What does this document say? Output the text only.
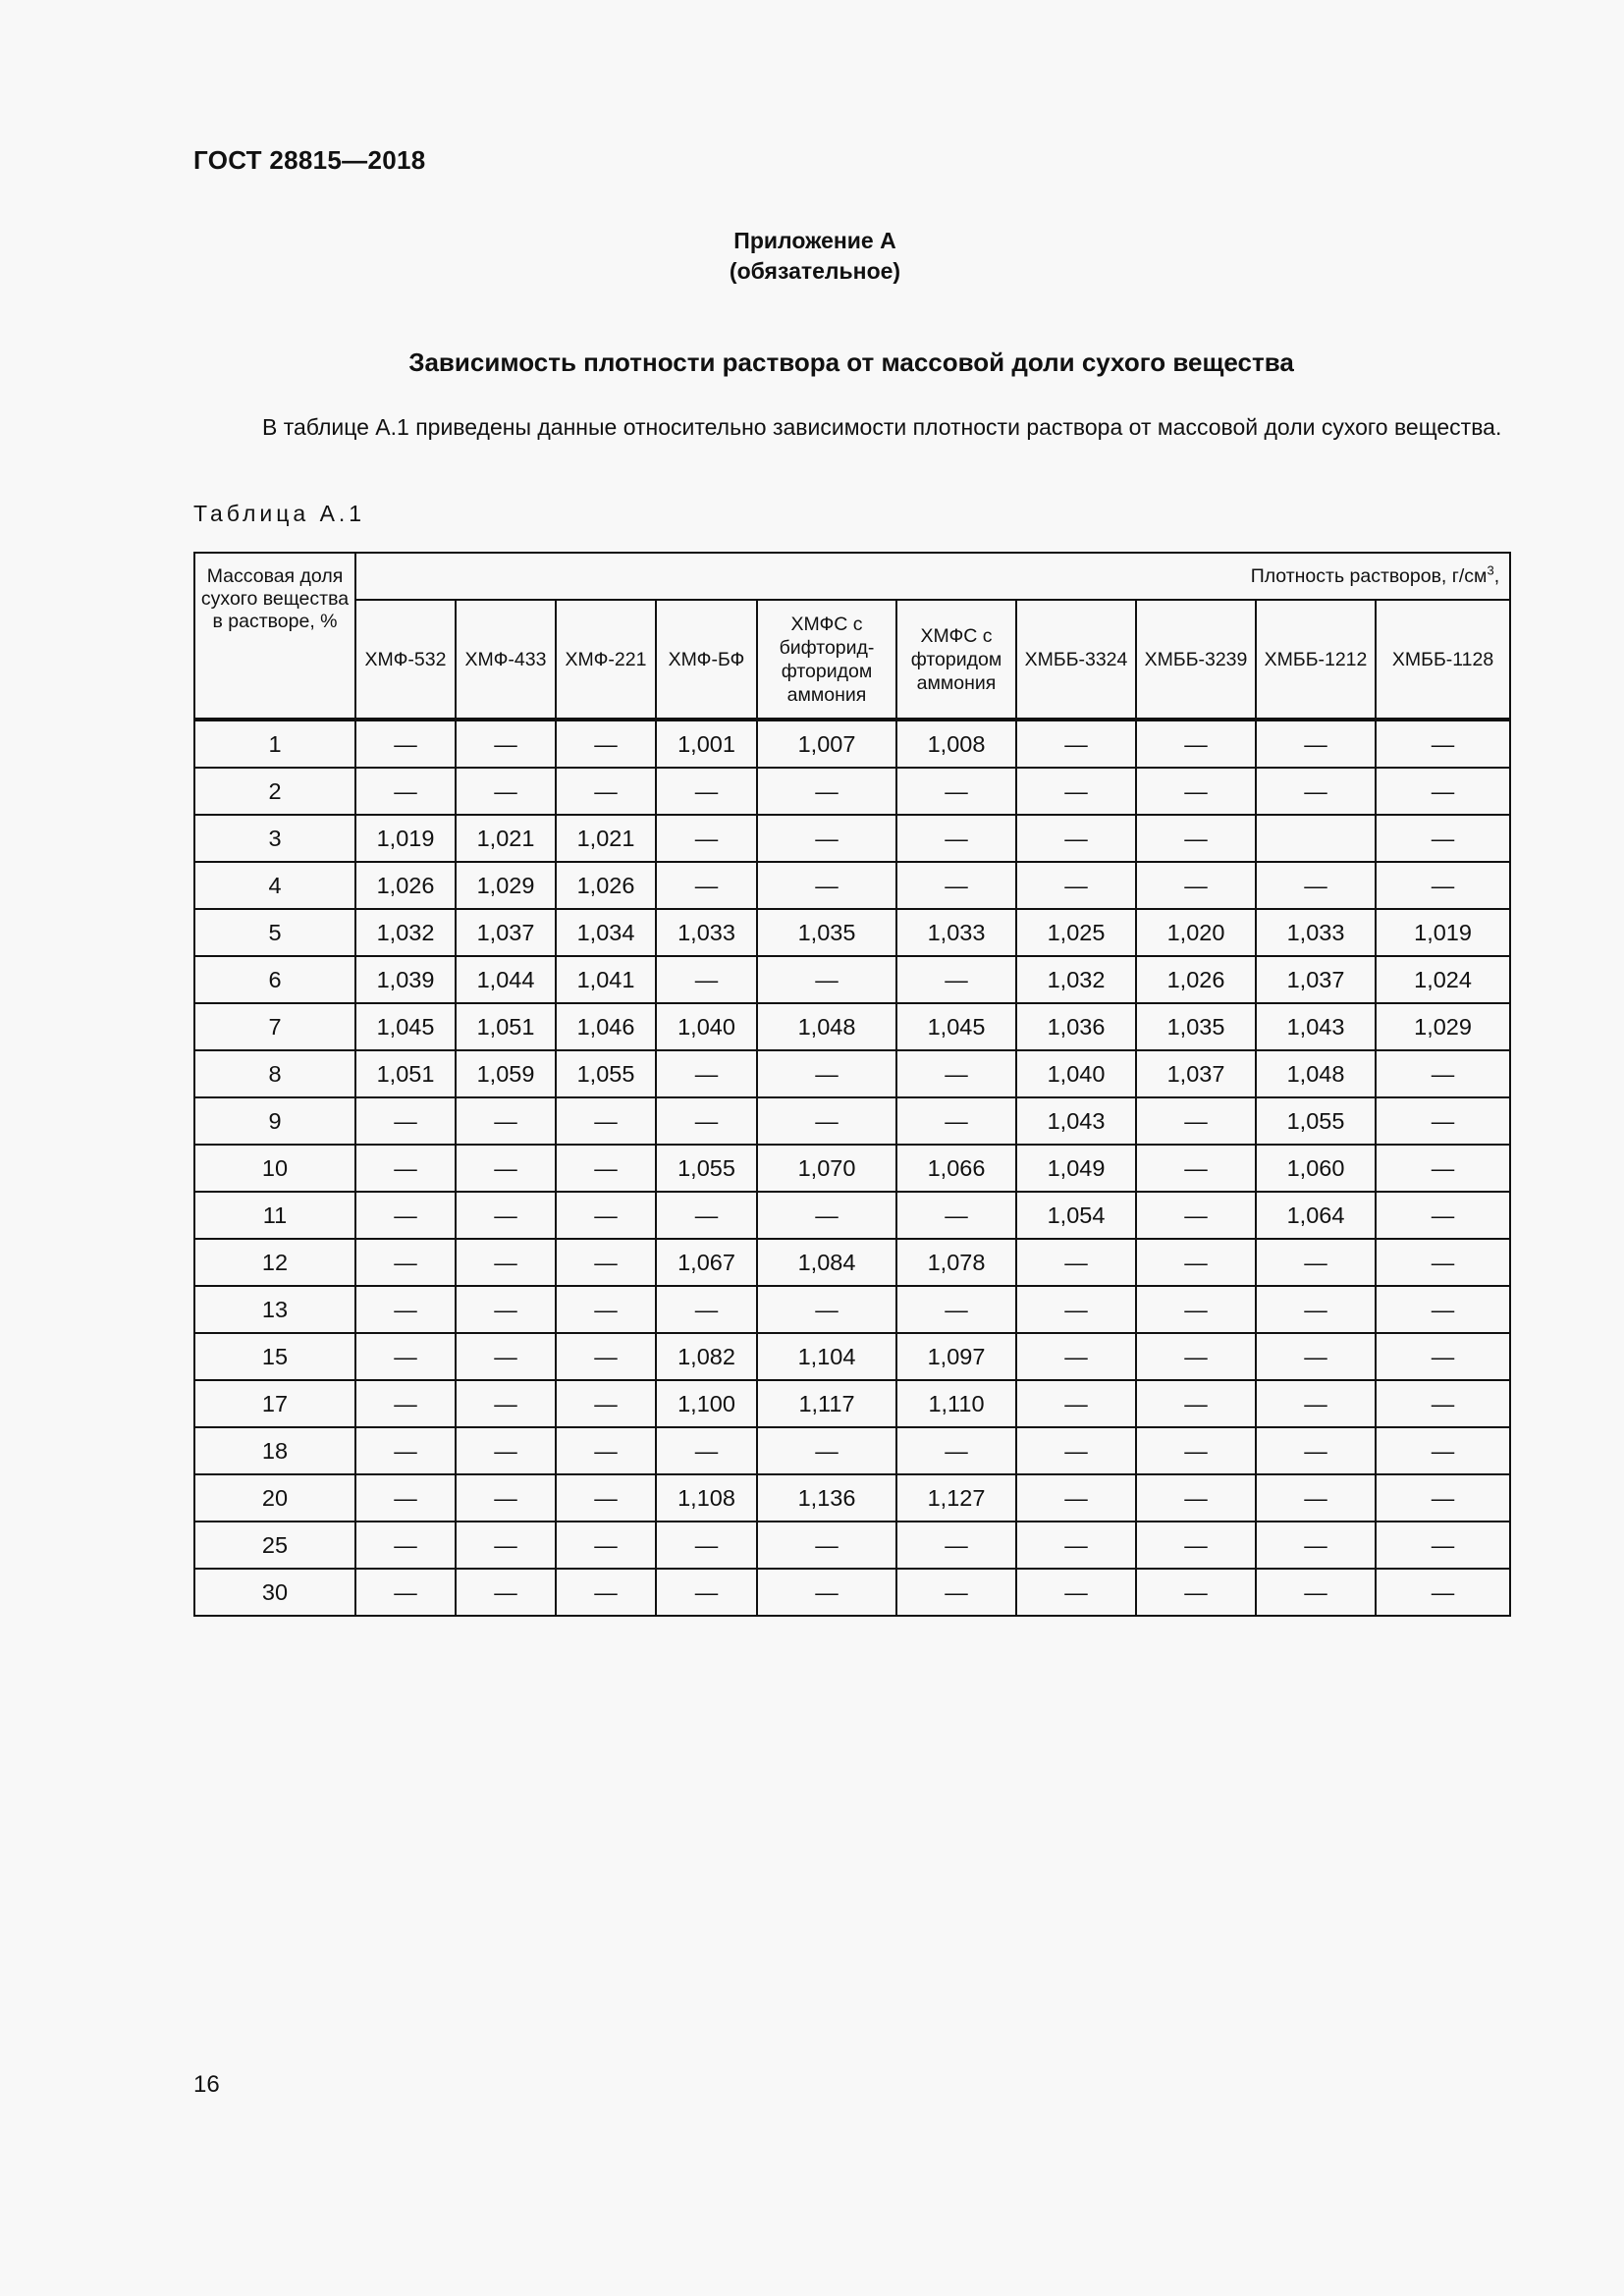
ГОСТ 28815—2018
Приложение А
(обязательное)
Зависимость плотности раствора от массовой доли сухого вещества
В таблице А.1 приведены данные относительно зависимости плотности раствора от массовой доли сухого вещества.
Таблица А.1
Массовая доля сухого вещества в растворе, %	Плотность растворов, $г/см^3$,									
	ХМФ-532	ХМФ-433	ХМФ-221	ХМФ-БФ	ХМФС с бифторид-фторидом аммония	ХМФС с фторидом аммония	ХМББ-3324	ХМББ-3239	ХМББ-1212	ХМББ-1128

1	—	—	—	1,001	1,007	1,008	—	—	—	—
2	—	—	—	—	—	—	—	—	—	—
3	1,019	1,021	1,021	—	—	—	—	—		—
4	1,026	1,029	1,026	—	—	—	—	—	—	—
5	1,032	1,037	1,034	1,033	1,035	1,033	1,025	1,020	1,033	1,019
6	1,039	1,044	1,041	—	—	—	1,032	1,026	1,037	1,024
7	1,045	1,051	1,046	1,040	1,048	1,045	1,036	1,035	1,043	1,029
8	1,051	1,059	1,055	—	—	—	1,040	1,037	1,048	—
9	—	—	—	—	—	—	1,043	—	1,055	—
10	—	—	—	1,055	1,070	1,066	1,049	—	1,060	—
11	—	—	—	—	—	—	1,054	—	1,064	—
12	—	—	—	1,067	1,084	1,078	—	—	—	—
13	—	—	—	—	—	—	—	—	—	—
15	—	—	—	1,082	1,104	1,097	—	—	—	—
17	—	—	—	1,100	1,117	1,110	—	—	—	—
18	—	—	—	—	—	—	—	—	—	—
20	—	—	—	1,108	1,136	1,127	—	—	—	—
25	—	—	—	—	—	—	—	—	—	—
30	—	—	—	—	—	—	—	—	—	—
16
